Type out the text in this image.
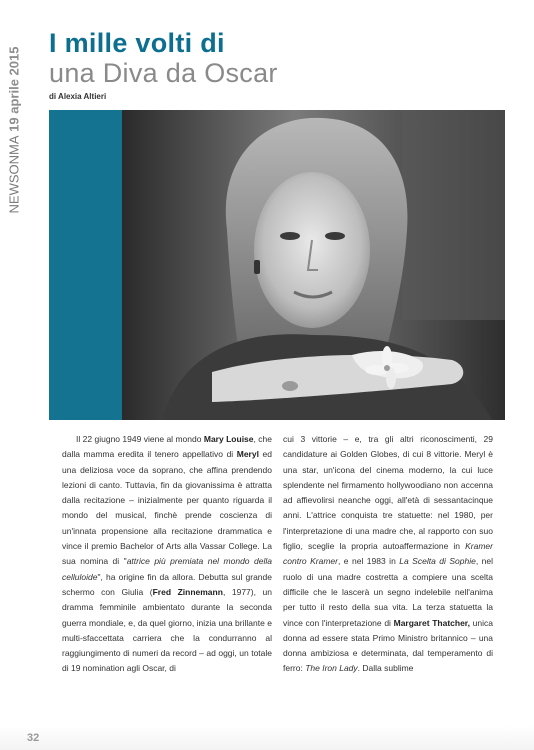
NEWSONMA 19 aprile 2015
I mille volti di
una Diva da Oscar
di Alexia Altieri

Il 22 giugno 1949 viene al mondo Mary Louise, che dalla mamma eredita il tenero appellativo di Meryl ed una deliziosa voce da soprano, che affina prendendo lezioni di canto. Tuttavia, fin da giovanissima è attratta dalla recitazione – inizialmente per quanto riguarda il mondo del musical, finchè prende coscienza di un'innata propensione alla recitazione drammatica e vince il premio Bachelor of Arts alla Vassar College. La sua nomina di "attrice più premiata nel mondo della celluloide", ha origine fin da allora. Debutta sul grande schermo con Giulia (Fred Zinnemann, 1977), un dramma femminile ambientato durante la seconda guerra mondiale, e, da quel giorno, inizia una brillante e multi-sfaccettata carriera che la condurranno al raggiungimento di numeri da record – ad oggi, un totale di 19 nomination agli Oscar, di

cui 3 vittorie – e, tra gli altri riconoscimenti, 29 candidature ai Golden Globes, di cui 8 vittorie. Meryl è una star, un'icona del cinema moderno, la cui luce splendente nel firmamento hollywoodiano non accenna ad affievolirsi neanche oggi, all'età di sessantacinque anni. L'attrice conquista tre statuette: nel 1980, per l'interpretazione di una madre che, al rapporto con suo figlio, sceglie la propria autoaffermazione in Kramer contro Kramer, e nel 1983 in La Scelta di Sophie, nel ruolo di una madre costretta a compiere una scelta difficile che le lascerà un segno indelebile nell'anima per tutto il resto della sua vita. La terza statuetta la vince con l'interpretazione di Margaret Thatcher, unica donna ad essere stata Primo Ministro britannico – una donna ambiziosa e determinata, dal temperamento di ferro: The Iron Lady. Dalla sublime

32
